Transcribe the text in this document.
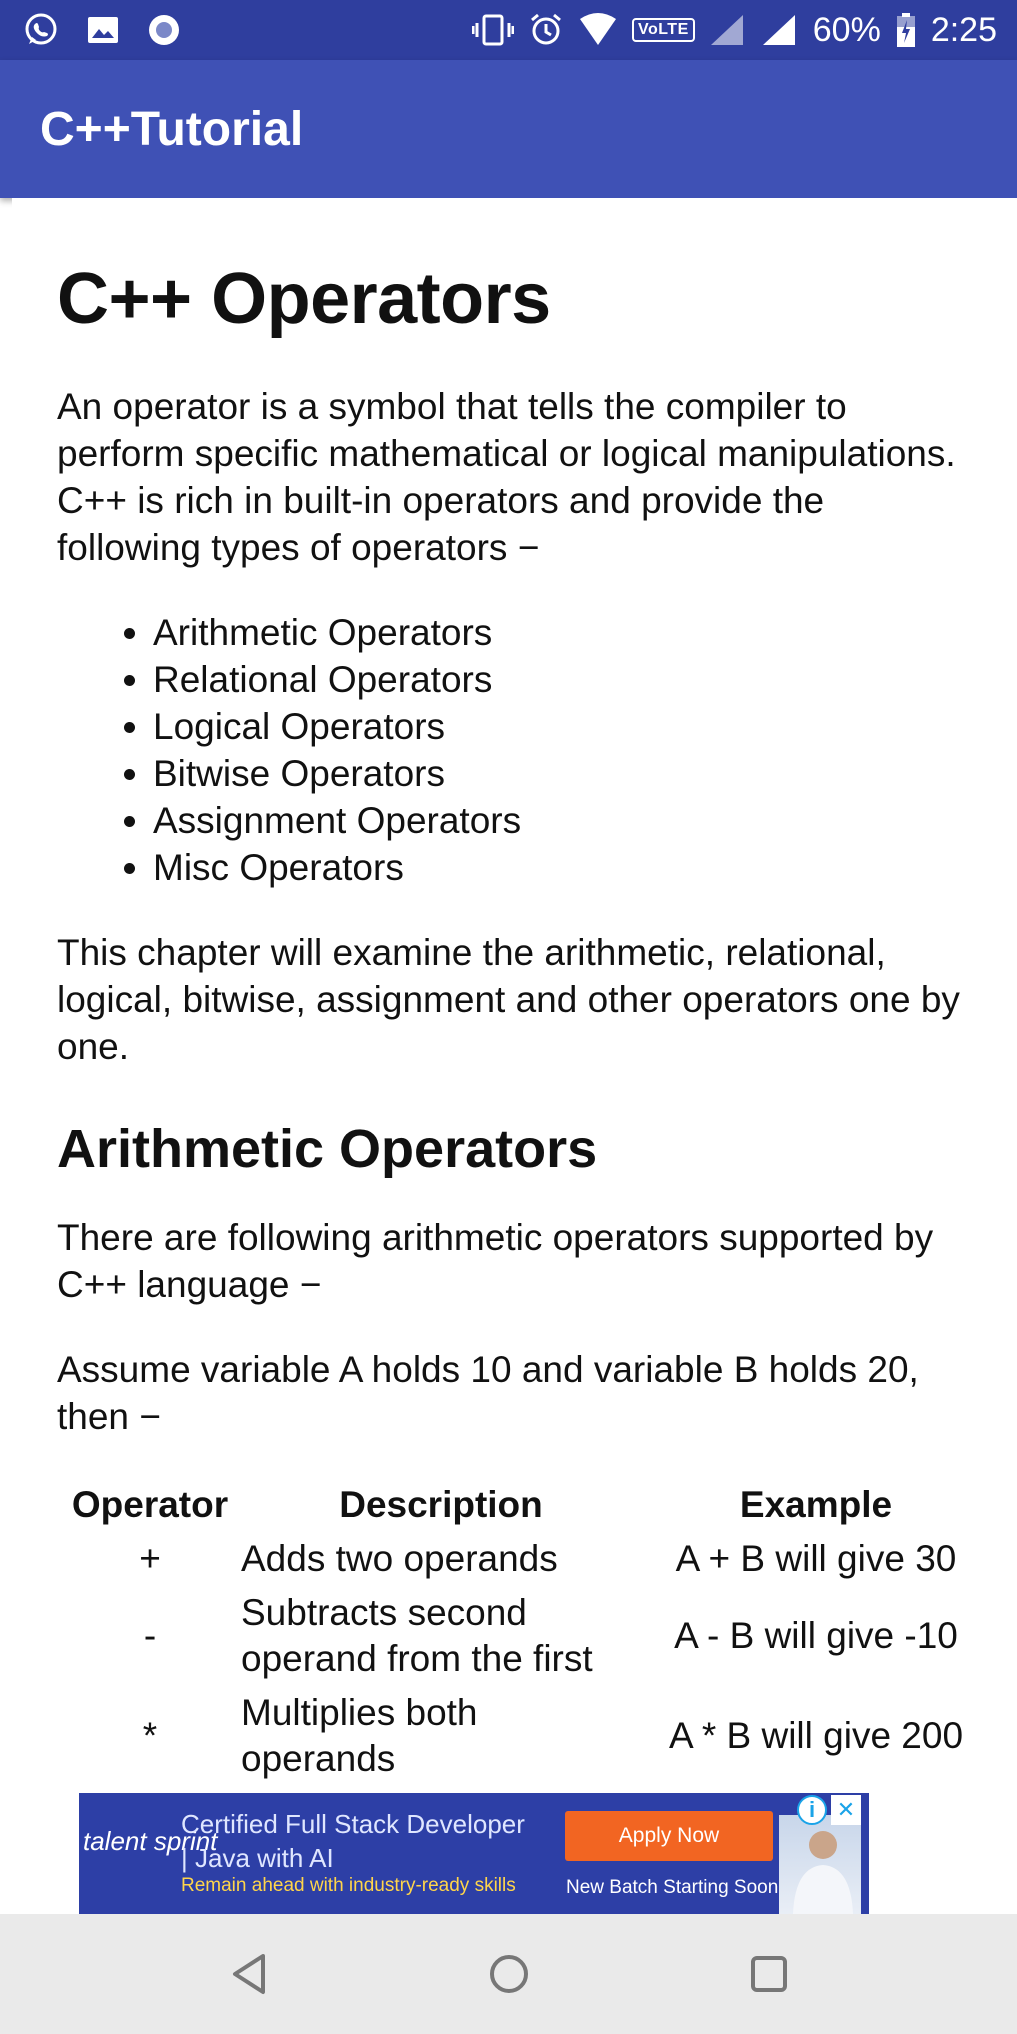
VoLTE	60% 2:25
C++Tutorial
C++ Operators

An operator is a symbol that tells the compiler to perform specific mathematical or logical manipulations. C++ is rich in built-in operators and provide the following types of operators −

• Arithmetic Operators
• Relational Operators
• Logical Operators
• Bitwise Operators
• Assignment Operators
• Misc Operators

This chapter will examine the arithmetic, relational, logical, bitwise, assignment and other operators one by one.

Arithmetic Operators

There are following arithmetic operators supported by C++ language −

Assume variable A holds 10 and variable B holds 20, then −

Operator	Description	Example
+	Adds two operands	A + B will give 30
-	Subtracts second operand from the first	A - B will give -10
*	Multiplies both operands	A * B will give 200
talent sprint
Certified Full Stack Developer
| Java with AI
Remain ahead with industry-ready skills
Apply Now
New Batch Starting Soon
i ✕
